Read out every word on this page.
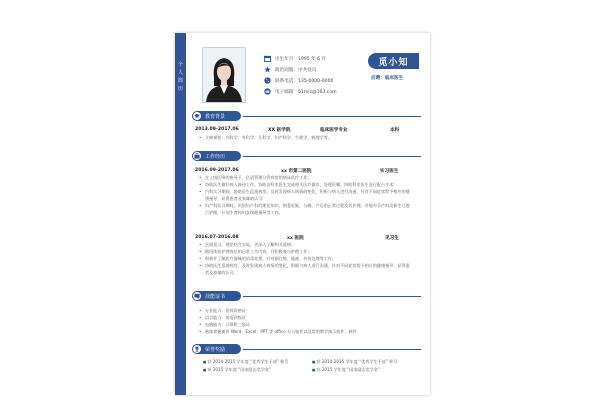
个
人
简
历
出生年月：1995 年 6 月
政治面貌：中共党员
联系电话：135-0000-0000
电子邮箱：51miz@163.com
觅小知
应聘：临床医生
教育背景
2013.09-2017.06	XX 医学院	临床医学专业	本科
• 主修课程：内科学、外科学、儿科学、妇产科学、生理学、病理学等。
工作经历
2016.09-2017.06	xx 市第二医院	实习医生
• 在上级医师的指导下，负责管理分管病房的病床医疗工作;
• 协助医生做好病人接待工作，协助各科室医生完成相关医疗操作，处理医嘱，协助科室医生进行配台手术;
• 内科实习期间，协助医生巡视病房，及时发现病人病情的变化，积极与病人进行沟通，针对不同症状给予相应的健康指导，获得患者及家属的认可;
• 妇产科实习期间，巩固妇产科的理论知识，熟悉妊娠、分娩、产后的正常过程及其护理，并能对孕产妇及新生儿进行护理，计划生育和妇女保健指导等工作。
2016.07-2016.08	xx 医院	见习生
• 医院见习，理论结合实际，更深入了解和关爱病；
• 跟班体验护理岗位的日常工作内容，并积极参与护理工作；
• 积极并了解医疗器械的消毒处理，针对刚注射、输液、外伤处理等工作；
• 协助医生巡视病房，及时发现病人病情的变化，积极与病人进行沟通，针对不同症状给予相应的健康指导，获得患者及家属的认可。
技能证书
• 专业能力：医师资格证
• 语言能力：英语四级证
• 电脑能力：计算机三级证
• 熟练掌握使用 Word、Excel、PPT 等 office 办公软件以及常用教学演示软件、硬件
荣誉奖励
■ 获 2014-2015 学年度 “优秀学生干部” 称号	■ 获 2014-2015 学年度 “优秀学生干部” 称号
■ 获 2015 学年度 “国家励志奖学金”	■ 获 2015 学年度 “国家励志奖学金”
